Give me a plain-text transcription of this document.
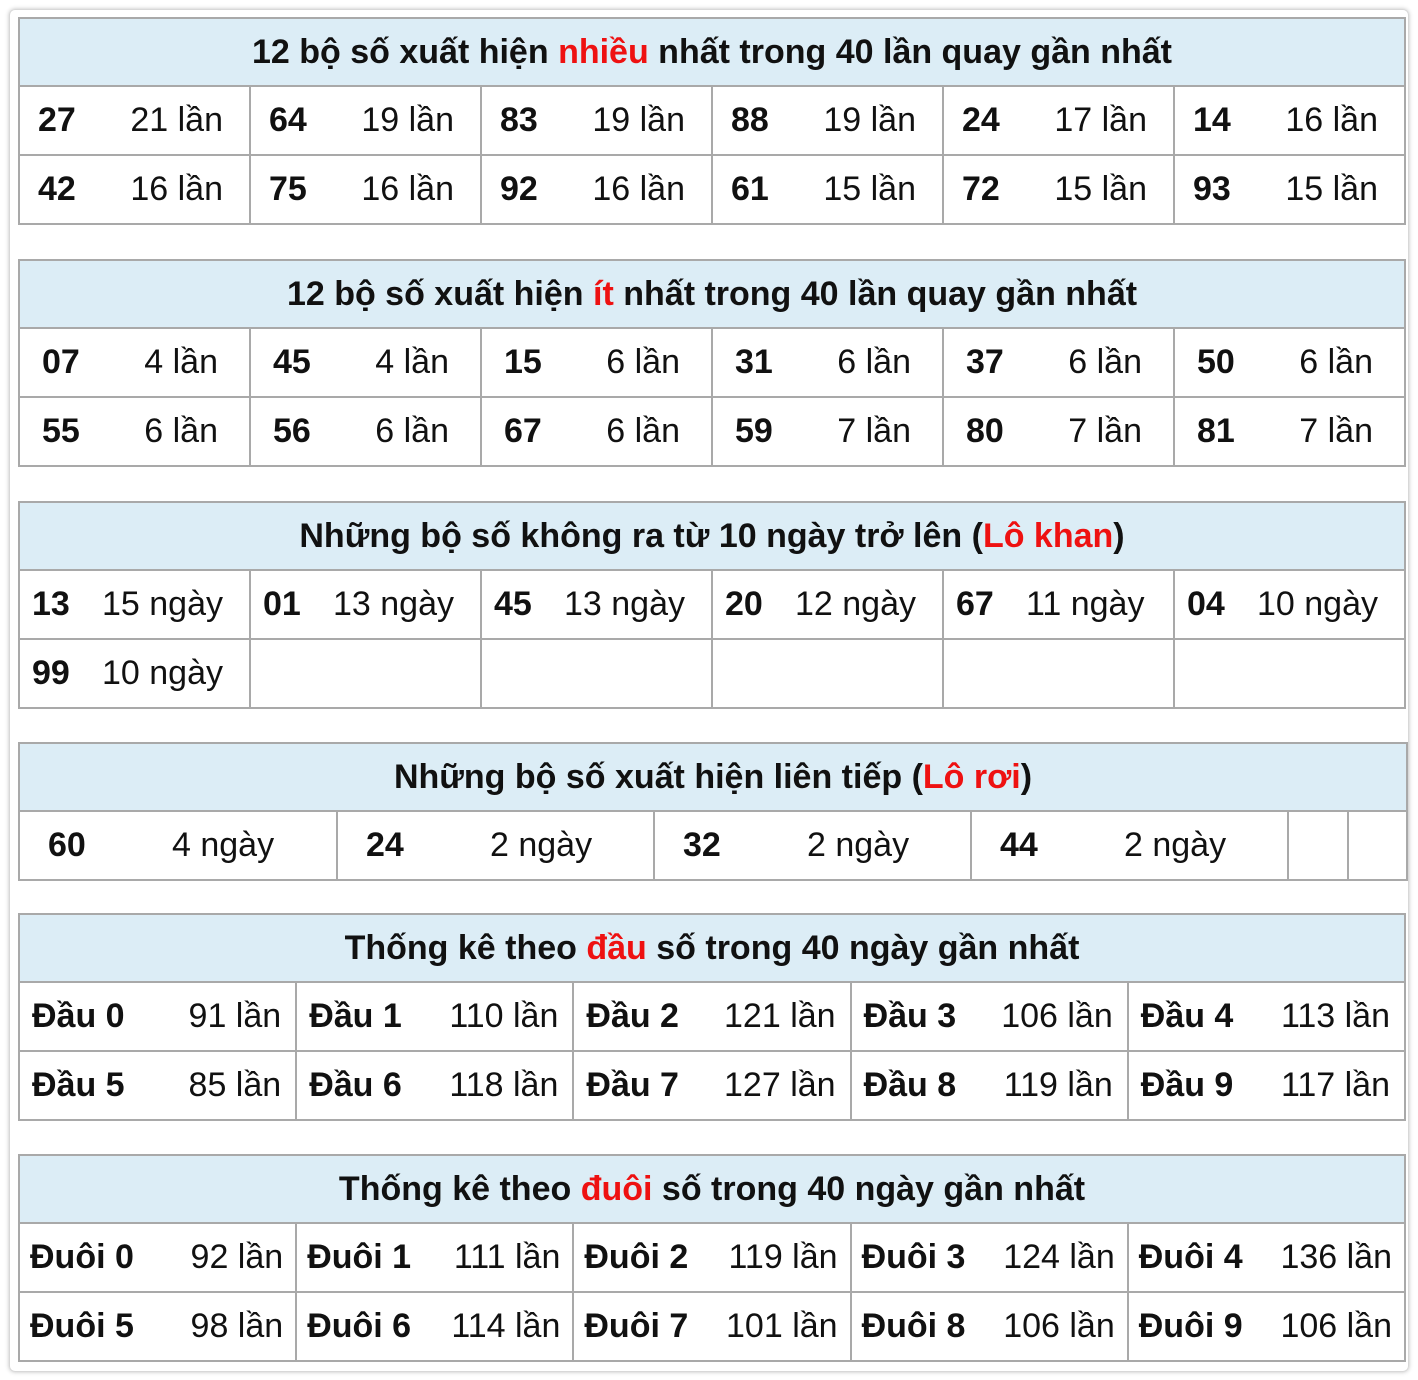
12 bộ số xuất hiện nhiều nhất trong 40 lần quay gần nhất					

27 21 lần	64 19 lần	83 19 lần	88 19 lần	24 17 lần	14 16 lần

42 16 lần	75 16 lần	92 16 lần	61 15 lần	72 15 lần	93 15 lần
12 bộ số xuất hiện ít nhất trong 40 lần quay gần nhất					

07 4 lần	45 4 lần	15 6 lần	31 6 lần	37 6 lần	50 6 lần

55 6 lần	56 6 lần	67 6 lần	59 7 lần	80 7 lần	81 7 lần
Những bộ số không ra từ 10 ngày trở lên (Lô khan)					

13 15 ngày	01 13 ngày	45 13 ngày	20 12 ngày	67 11 ngày	04 10 ngày

99 10 ngày					

Những bộ số xuất hiện liên tiếp (Lô rơi)

60	4 ngày	24	2 ngày	32	2 ngày	44	2 ngày

Thống kê theo đầu số trong 40 ngày gần nhất				

Đầu 0 91 lần	Đầu 1 110 lần	Đầu 2 121 lần	Đầu 3 106 lần	Đầu 4 113 lần

Đầu 5 85 lần	Đầu 6 118 lần	Đầu 7 127 lần	Đầu 8 119 lần	Đầu 9 117 lần
Thống kê theo đuôi số trong 40 ngày gần nhất				

Đuôi 0 92 lần	Đuôi 1 111 lần	Đuôi 2 119 lần	Đuôi 3 124 lần	Đuôi 4 136 lần

Đuôi 5 98 lần	Đuôi 6 114 lần	Đuôi 7 101 lần	Đuôi 8 106 lần	Đuôi 9 106 lần
